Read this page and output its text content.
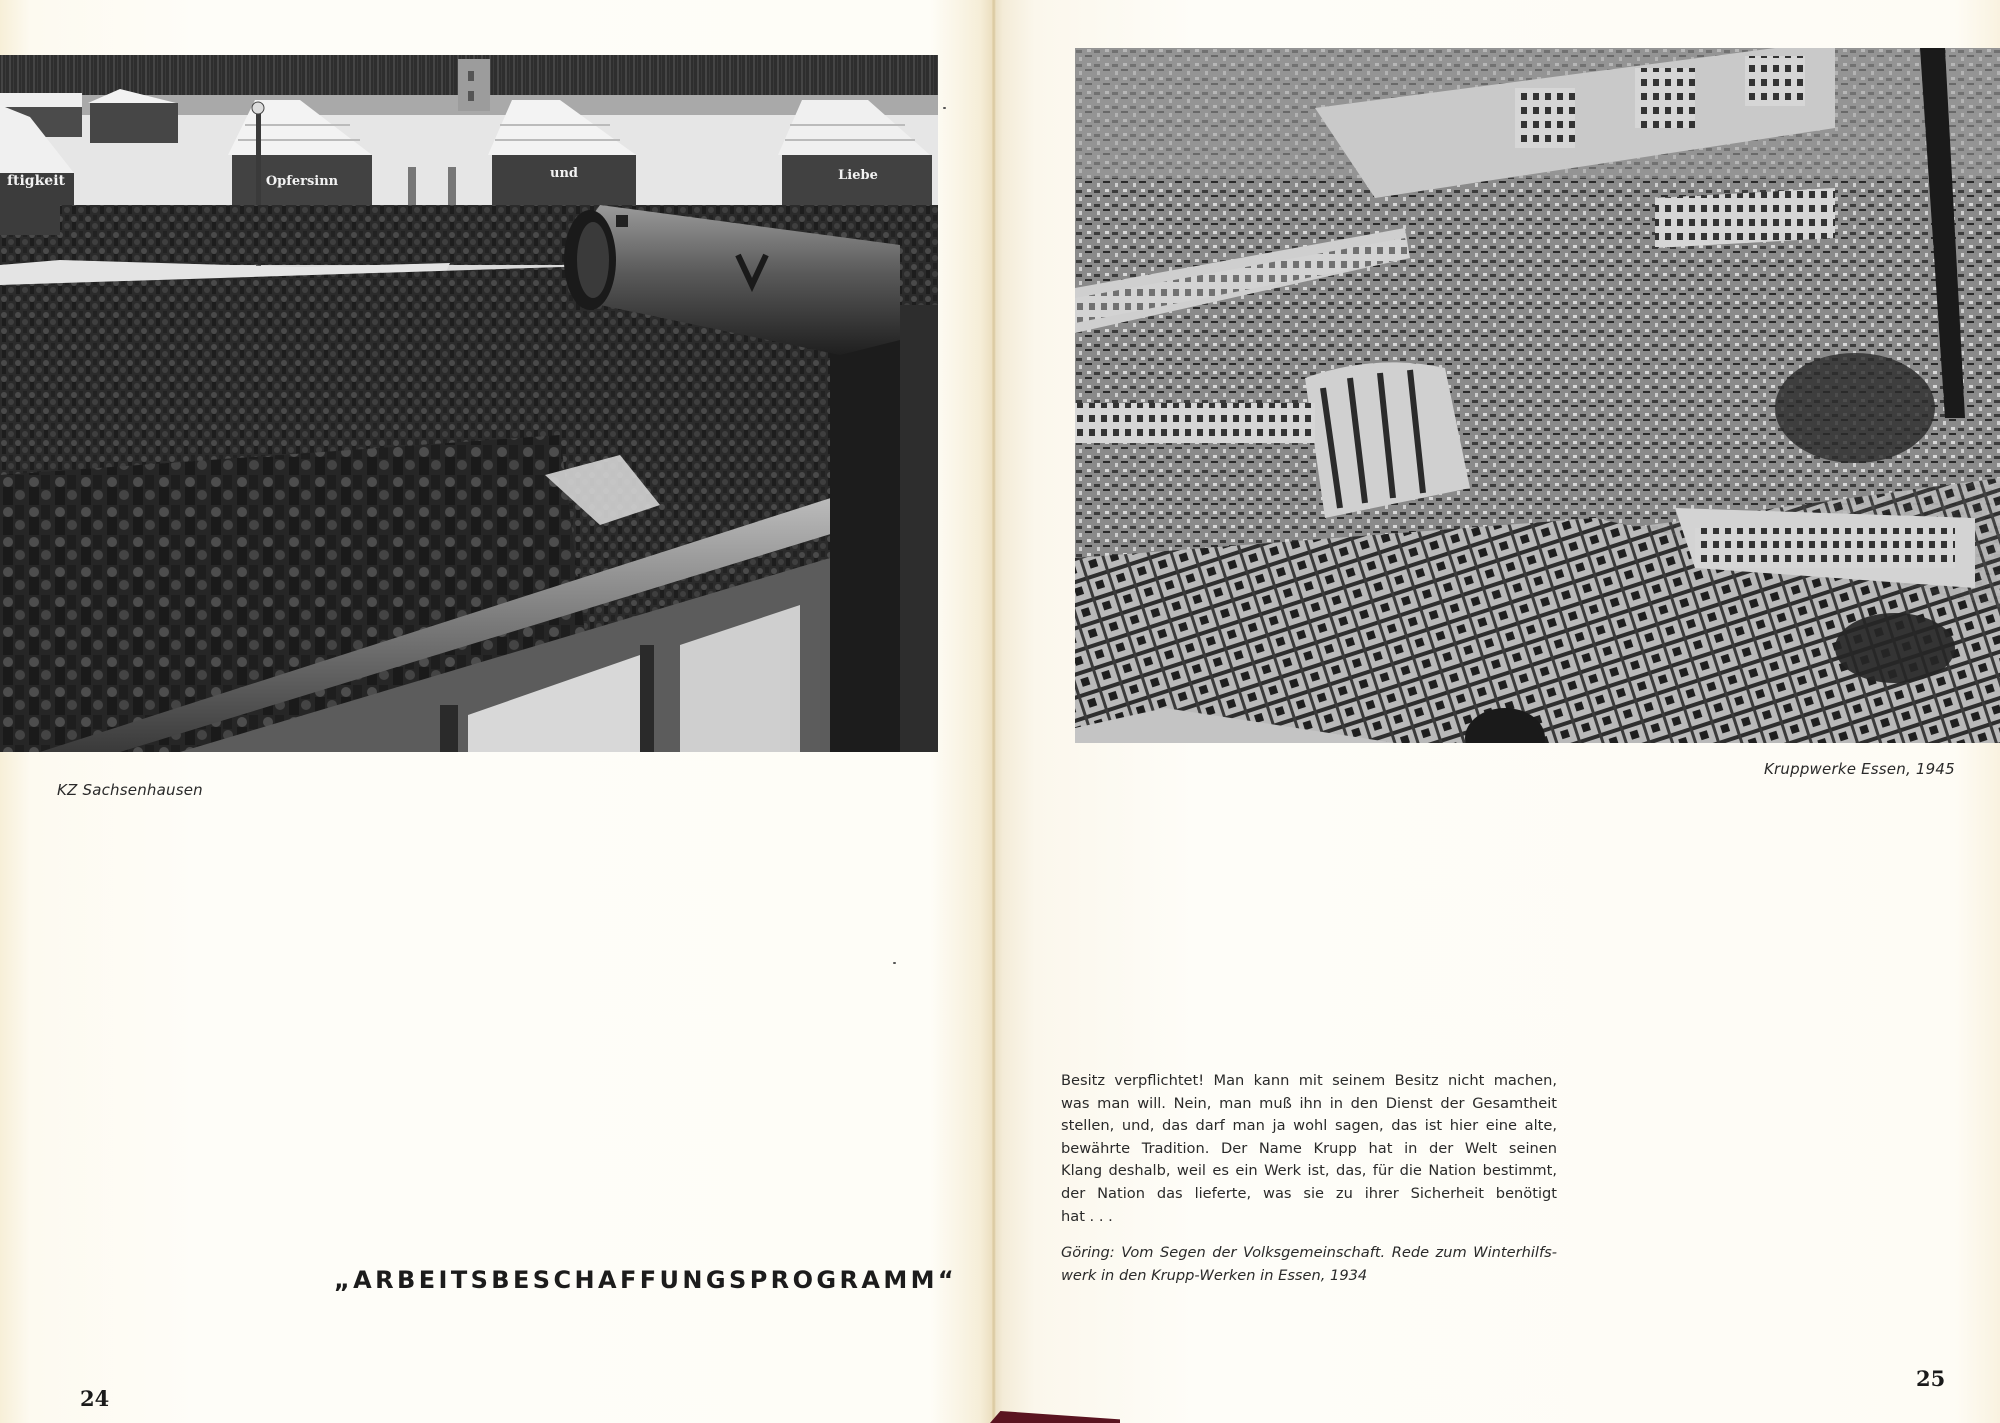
ftigkeit	Opfersinn
und	Liebe
KZ Sachsenhausen
Kruppwerke Essen, 1945
„ARBEITSBESCHAFFUNGSPROGRAMM“
Besitz verpflichtet! Man kann mit seinem Besitz nicht machen,
was man will. Nein, man muß ihn in den Dienst der Gesamtheit
stellen, und, das darf man ja wohl sagen, das ist hier eine alte,
bewährte Tradition. Der Name Krupp hat in der Welt seinen
Klang deshalb, weil es ein Werk ist, das, für die Nation bestimmt,
der Nation das lieferte, was sie zu ihrer Sicherheit benötigt
hat . . .
Göring: Vom Segen der Volksgemeinschaft. Rede zum Winterhilfs-
werk in den Krupp-Werken in Essen, 1934
24
25
